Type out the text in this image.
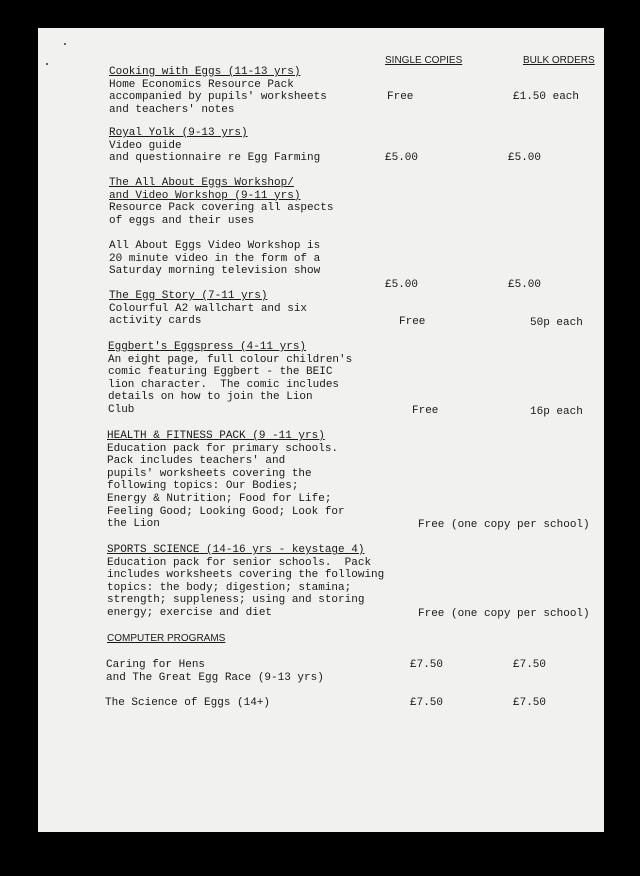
SINGLE COPIES	BULK ORDERS
Cooking with Eggs (11-13 yrs)
Home Economics Resource Pack
accompanied by pupils' worksheets
and teachers' notes
Free	£1.50 each
Royal Yolk (9-13 yrs)
Video guide
and questionnaire re Egg Farming	£5.00	£5.00
The All About Eggs Workshop/
and Video Workshop (9-11 yrs)
Resource Pack covering all aspects
of eggs and their uses
All About Eggs Video Workshop is
20 minute video in the form of a
Saturday morning television show
£5.00	£5.00
The Egg Story (7-11 yrs)
Colourful A2 wallchart and six
activity cards	Free	50p each
Eggbert's Eggspress (4-11 yrs)
An eight page, full colour children's
comic featuring Eggbert - the BEIC
lion character.  The comic includes
details on how to join the Lion
Club	Free	16p each
HEALTH & FITNESS PACK (9 -11 yrs)
Education pack for primary schools.
Pack includes teachers' and
pupils' worksheets covering the
following topics: Our Bodies;
Energy & Nutrition; Food for Life;
Feeling Good; Looking Good; Look for
the Lion	Free (one copy per school)
SPORTS SCIENCE (14-16 yrs - keystage 4)
Education pack for senior schools.  Pack
includes worksheets covering the following
topics: the body; digestion; stamina;
strength; suppleness; using and storing
energy; exercise and diet	Free (one copy per school)
COMPUTER PROGRAMS
Caring for Hens
and The Great Egg Race (9-13 yrs)
£7.50	£7.50
The Science of Eggs (14+)	£7.50	£7.50
